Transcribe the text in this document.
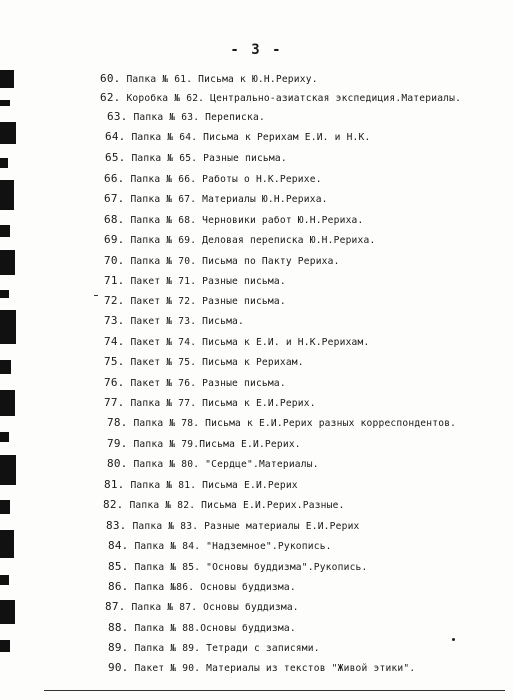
- 3 -
60. Папка № 61. Письма к Ю.Н.Рериху.
62. Коробка № 62. Центрально-азиатская экспедиция.Материалы.
63. Папка № 63. Переписка.
64. Папка № 64. Письма к Рерихам Е.И. и Н.К.
65. Папка № 65. Разные письма.
66. Папка № 66. Работы о Н.К.Рерихе.
67. Папка № 67. Материалы Ю.Н.Рериха.
68. Папка № 68. Черновики работ Ю.Н.Рериха.
69. Папка № 69. Деловая переписка Ю.Н.Рериха.
70. Папка № 70. Письма по Пакту Рериха.
71. Пакет № 71. Разные письма.
72. Пакет № 72. Разные письма.
73. Пакет № 73. Письма.
74. Пакет № 74. Письма к Е.И. и Н.К.Рерихам.
75. Пакет № 75. Письма к Рерихам.
76. Пакет № 76. Разные письма.
77. Папка № 77. Письма к Е.И.Рерих.
78. Папка № 78. Письма к Е.И.Рерих разных корреспондентов.
79. Папка № 79.Письма Е.И.Рерих.
80. Папка № 80. "Сердце".Материалы.
81. Папка № 81. Письма Е.И.Рерих
82. Папка № 82. Письма Е.И.Рерих.Разные.
83. Папка № 83. Разные материалы Е.И.Рерих
84. Папка № 84. "Надземное".Рукопись.
85. Папка № 85. "Основы буддизма".Рукопись.
86. Папка №86. Основы буддизма.
87. Папка № 87. Основы буддизма.
88. Папка № 88.Основы буддизма.
89. Папка № 89. Тетради с записями.
90. Пакет № 90. Материалы из текстов "Живой этики".
